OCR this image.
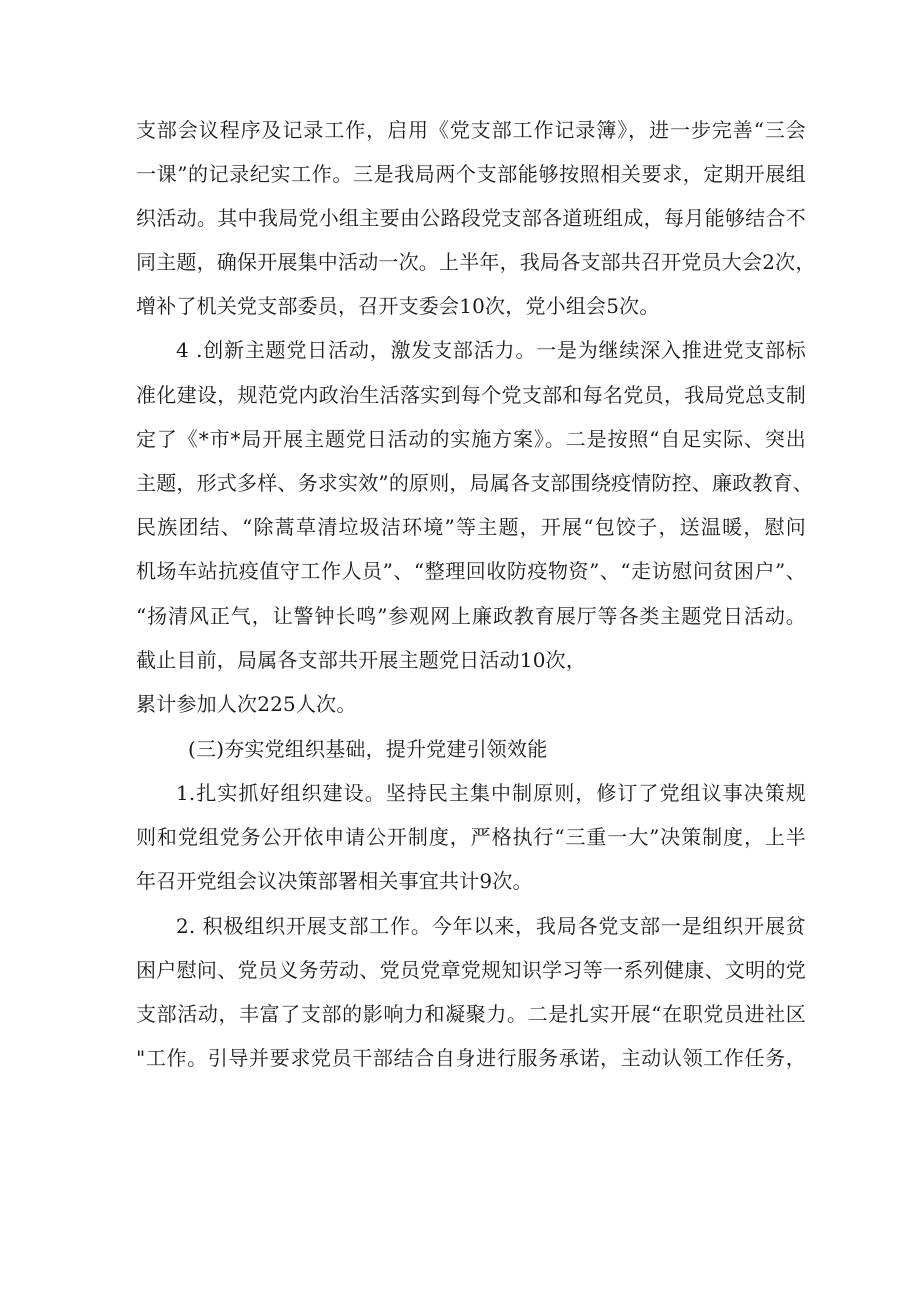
支部会议程序及记录工作，启用《党支部工作记录簿》，进一步完善“三会
一课”的记录纪实工作。三是我局两个支部能够按照相关要求，定期开展组
织活动。其中我局党小组主要由公路段党支部各道班组成，每月能够结合不
同主题，确保开展集中活动一次。上半年，我局各支部共召开党员大会2次，
增补了机关党支部委员，召开支委会10次，党小组会5次。
4 .创新主题党日活动，激发支部活力。一是为继续深入推进党支部标
准化建设，规范党内政治生活落实到每个党支部和每名党员，我局党总支制
定了《*市*局开展主题党日活动的实施方案》。二是按照“自足实际、突出
主题，形式多样、务求实效”的原则，局属各支部围绕疫情防控、廉政教育、
民族团结、“除蒿草清垃圾洁环境”等主题，开展“包饺子，送温暖，慰问
机场车站抗疫值守工作人员”、“整理回收防疫物资”、“走访慰问贫困户”、
“扬清风正气，让警钟长鸣”参观网上廉政教育展厅等各类主题党日活动。
截止目前，局属各支部共开展主题党日活动10次，
累计参加人次225人次。
(三)夯实党组织基础，提升党建引领效能
1.扎实抓好组织建设。坚持民主集中制原则，修订了党组议事决策规
则和党组党务公开依申请公开制度，严格执行“三重一大”决策制度，上半
年召开党组会议决策部署相关事宜共计9次。
2. 积极组织开展支部工作。今年以来，我局各党支部一是组织开展贫
困户慰问、党员义务劳动、党员党章党规知识学习等一系列健康、文明的党
支部活动，丰富了支部的影响力和凝聚力。二是扎实开展“在职党员进社区
"工作。引导并要求党员干部结合自身进行服务承诺，主动认领工作任务，
